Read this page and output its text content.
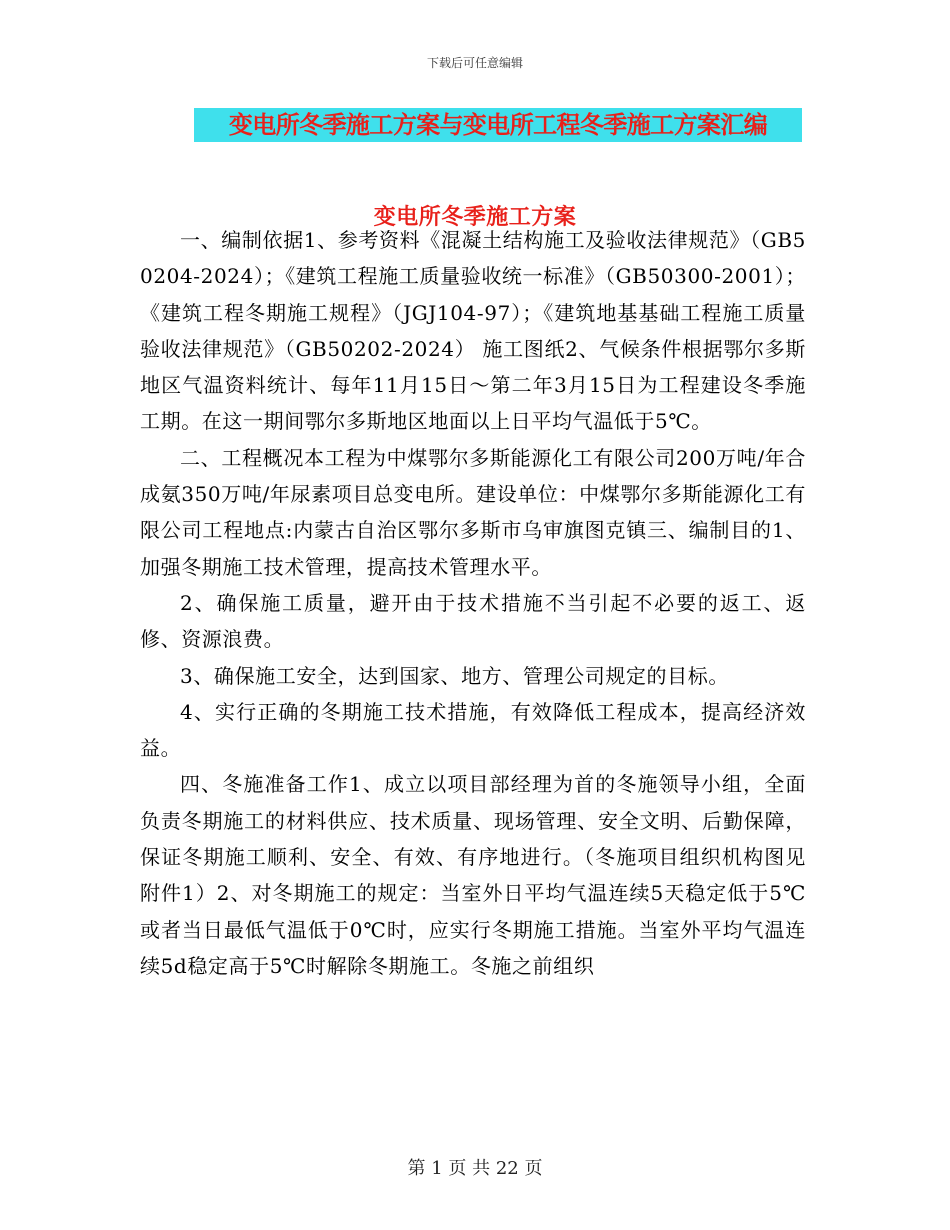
下载后可任意编辑
变电所冬季施工方案与变电所工程冬季施工方案汇编
变电所冬季施工方案

一、编制依据1、参考资料《混凝土结构施工及验收法律规范》（GB50204-2024）；《建筑工程施工质量验收统一标准》（GB50300-2001）；《建筑工程冬期施工规程》（JGJ104-97）；《建筑地基基础工程施工质量验收法律规范》（GB50202-2024） 施工图纸2、气候条件根据鄂尔多斯地区气温资料统计、每年11月15日～第二年3月15日为工程建设冬季施工期。在这一期间鄂尔多斯地区地面以上日平均气温低于5℃。

二、工程概况本工程为中煤鄂尔多斯能源化工有限公司200万吨/年合成氨350万吨/年尿素项目总变电所。建设单位：中煤鄂尔多斯能源化工有限公司工程地点:内蒙古自治区鄂尔多斯市乌审旗图克镇三、编制目的1、加强冬期施工技术管理，提高技术管理水平。

2、确保施工质量，避开由于技术措施不当引起不必要的返工、返修、资源浪费。

3、确保施工安全，达到国家、地方、管理公司规定的目标。

4、实行正确的冬期施工技术措施，有效降低工程成本，提高经济效益。

四、冬施准备工作1、成立以项目部经理为首的冬施领导小组，全面负责冬期施工的材料供应、技术质量、现场管理、安全文明、后勤保障，保证冬期施工顺利、安全、有效、有序地进行。（冬施项目组织机构图见附件1）2、对冬期施工的规定：当室外日平均气温连续5天稳定低于5℃或者当日最低气温低于0℃时，应实行冬期施工措施。当室外平均气温连续5d稳定高于5℃时解除冬期施工。冬施之前组织

第 1 页 共 22 页
